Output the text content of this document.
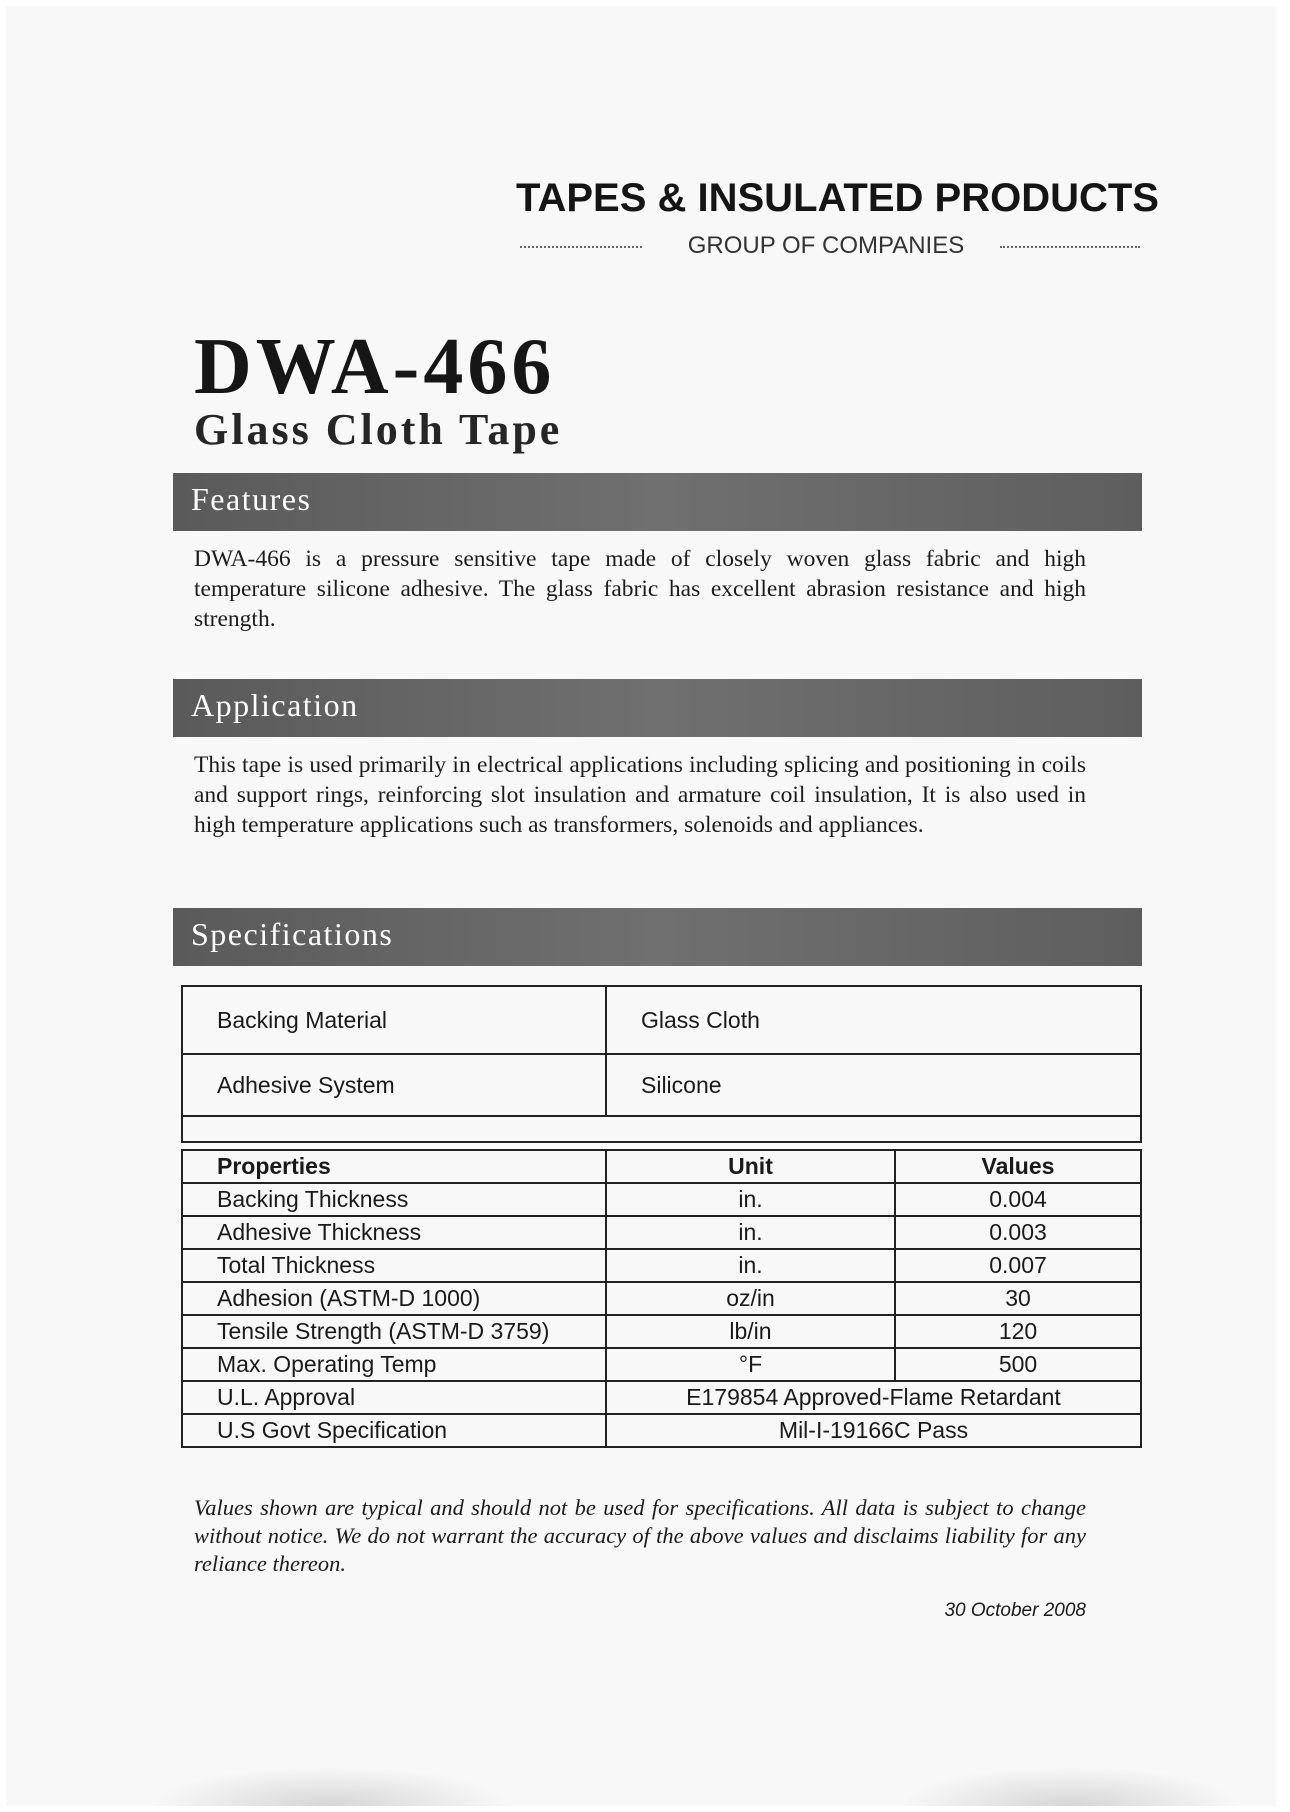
TAPES & INSULATED PRODUCTS
GROUP OF COMPANIES
DWA-466
Glass Cloth Tape
Features
DWA-466 is a pressure sensitive tape made of closely woven glass fabric and high temperature silicone adhesive. The glass fabric has excellent abrasion resistance and high strength.
Application
This tape is used primarily in electrical applications including splicing and positioning in coils and support rings, reinforcing slot insulation and armature coil insulation, It is also used in high temperature applications such as transformers, solenoids and appliances.
Specifications
Backing Material	Glass Cloth
Adhesive System	Silicone

Properties	Unit	Values
Backing Thickness	in.	0.004
Adhesive Thickness	in.	0.003
Total Thickness	in.	0.007
Adhesion (ASTM-D 1000)	oz/in	30
Tensile Strength (ASTM-D 3759)	lb/in	120
Max. Operating Temp	°F	500
U.L. Approval	E179854 Approved-Flame Retardant	
U.S Govt Specification	Mil-I-19166C Pass	
Values shown are typical and should not be used for specifications. All data is subject to change without notice. We do not warrant the accuracy of the above values and disclaims liability for any reliance thereon.
30 October 2008
